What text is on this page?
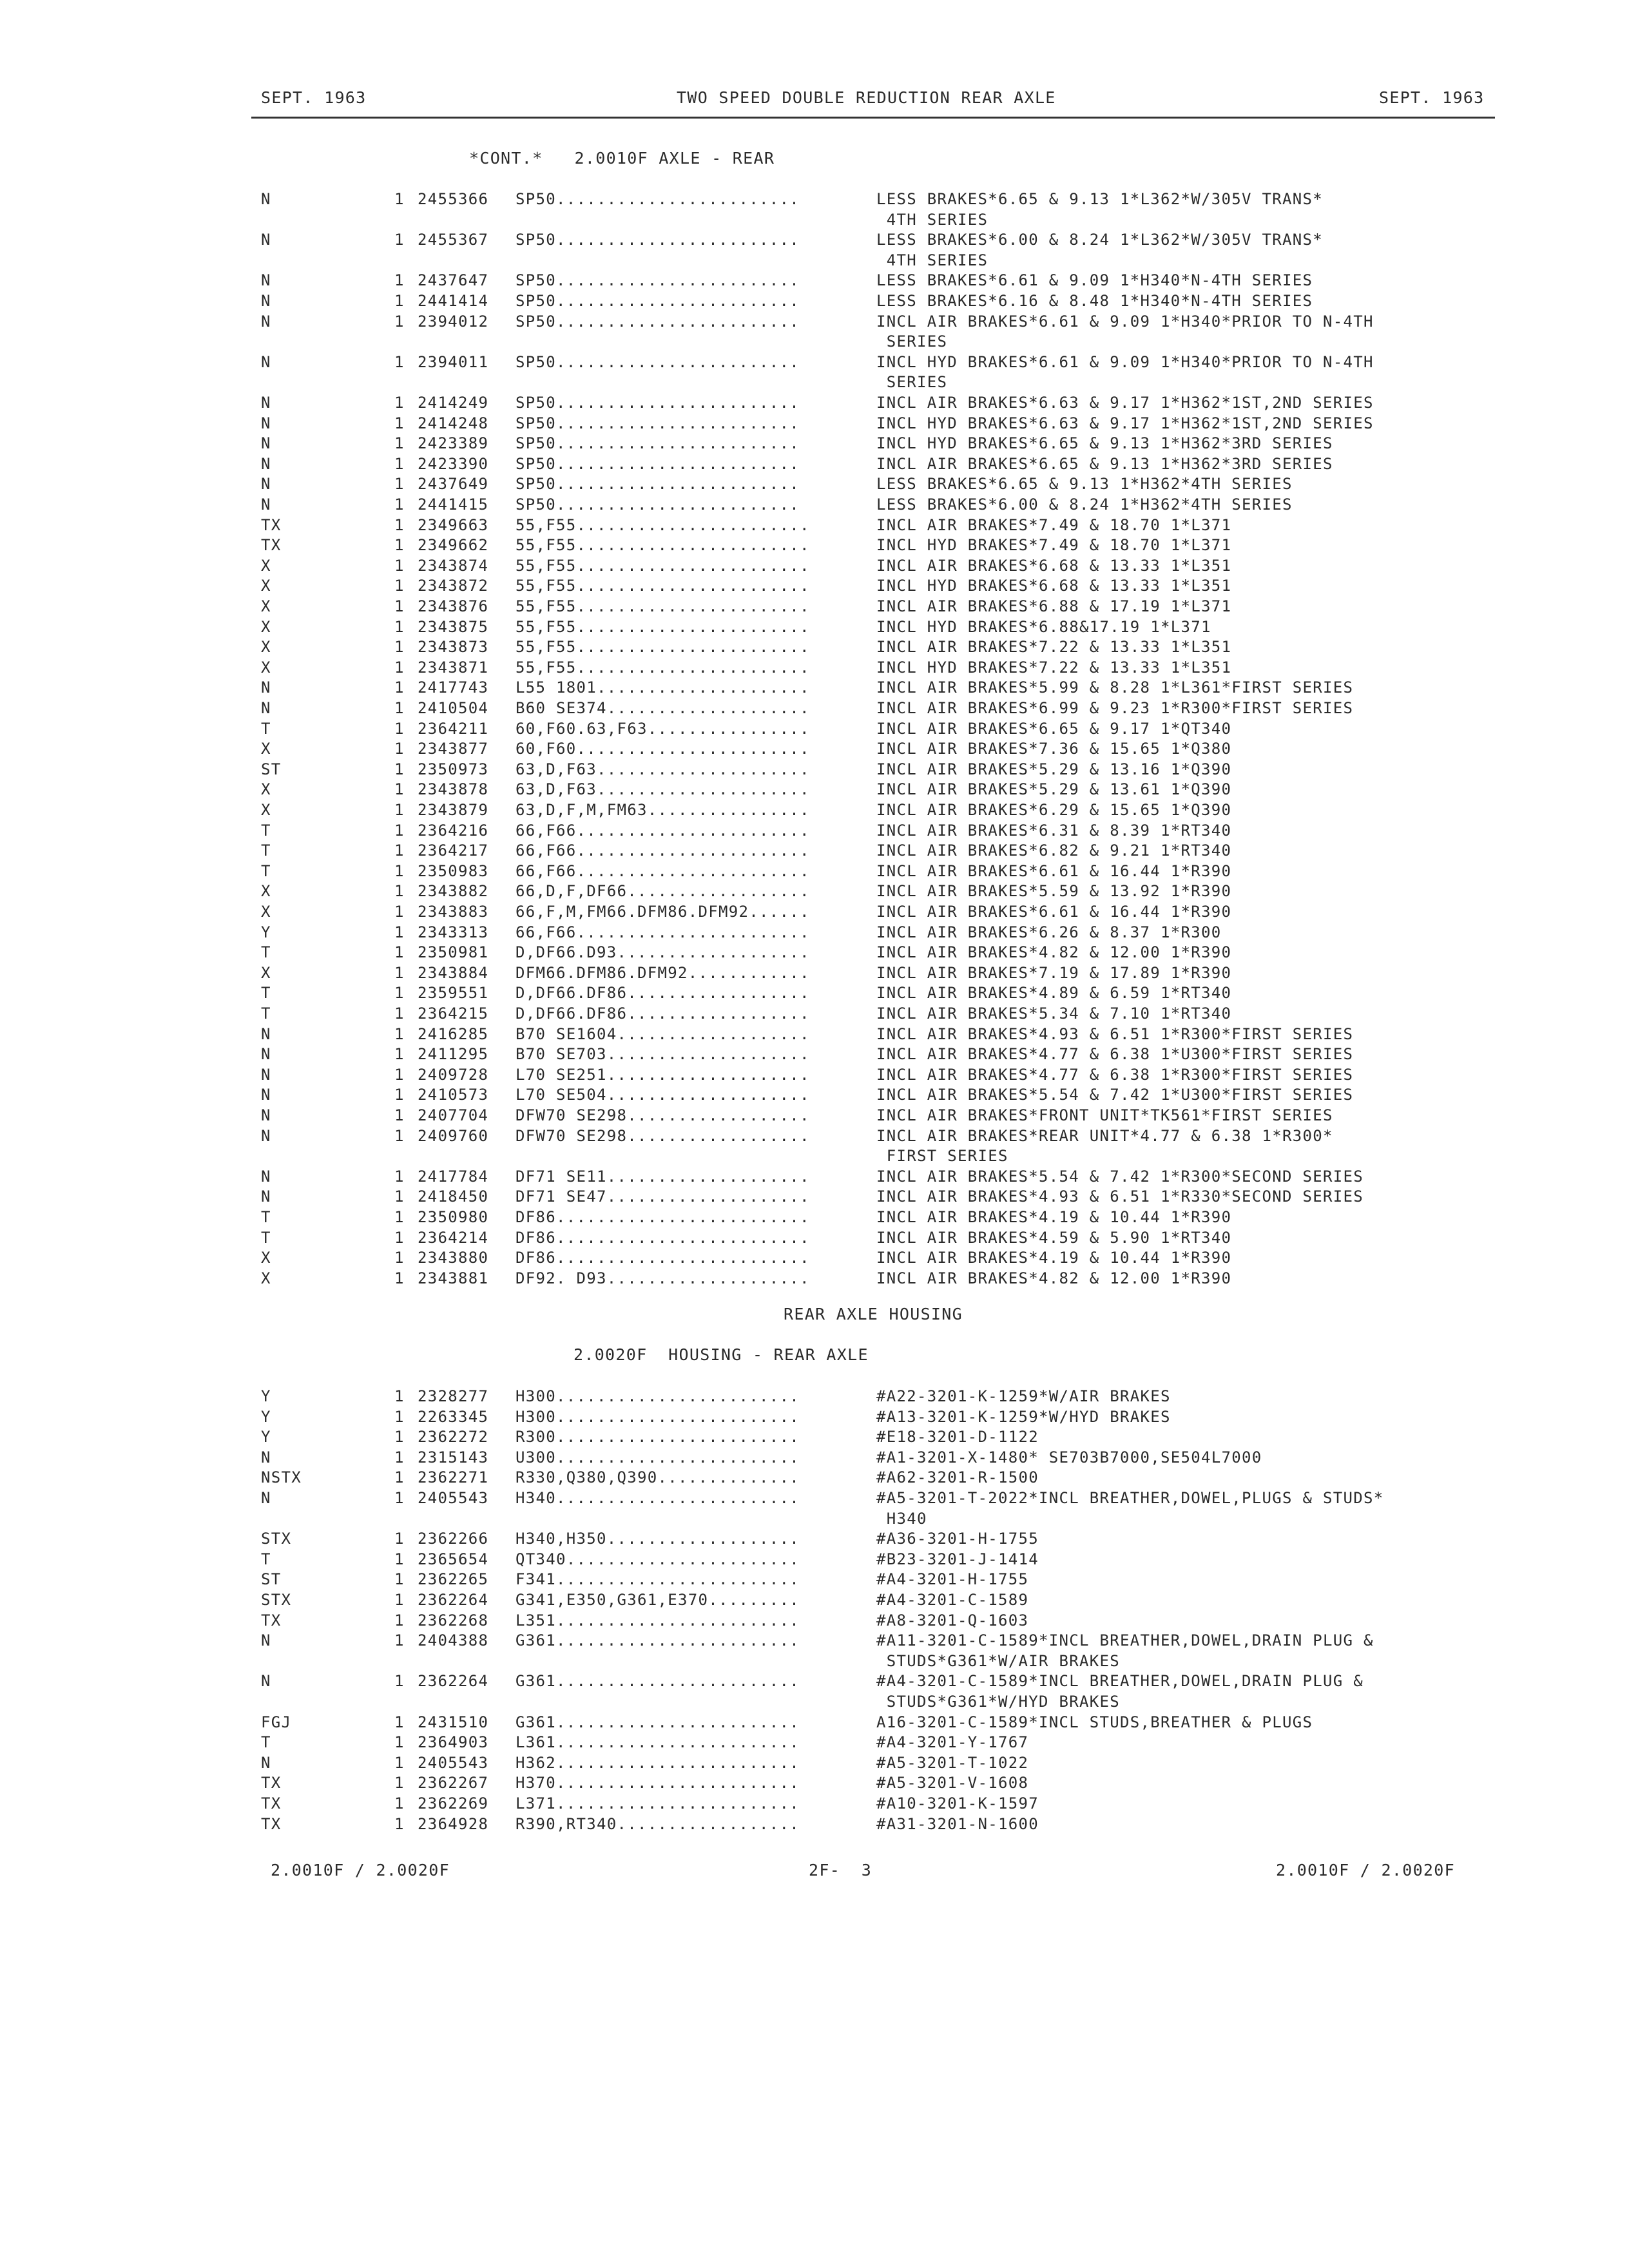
SEPT. 1963	TWO SPEED DOUBLE REDUCTION REAR AXLE	SEPT. 1963
*CONT.*   2.0010F AXLE - REAR
N	1 2455366 SP50........................	LESS BRAKES*6.65 & 9.13 1*L362*W/305V TRANS*
4TH SERIES
N	1 2455367 SP50........................	LESS BRAKES*6.00 & 8.24 1*L362*W/305V TRANS*
4TH SERIES
N	1 2437647 SP50........................	LESS BRAKES*6.61 & 9.09 1*H340*N-4TH SERIES
N	1 2441414 SP50........................	LESS BRAKES*6.16 & 8.48 1*H340*N-4TH SERIES
N	1 2394012 SP50........................	INCL AIR BRAKES*6.61 & 9.09 1*H340*PRIOR TO N-4TH
SERIES
N	1 2394011 SP50........................	INCL HYD BRAKES*6.61 & 9.09 1*H340*PRIOR TO N-4TH
SERIES
N	1 2414249 SP50........................	INCL AIR BRAKES*6.63 & 9.17 1*H362*1ST,2ND SERIES
N	1 2414248 SP50........................	INCL HYD BRAKES*6.63 & 9.17 1*H362*1ST,2ND SERIES
N	1 2423389 SP50........................	INCL HYD BRAKES*6.65 & 9.13 1*H362*3RD SERIES
N	1 2423390 SP50........................	INCL AIR BRAKES*6.65 & 9.13 1*H362*3RD SERIES
N	1 2437649 SP50........................	LESS BRAKES*6.65 & 9.13 1*H362*4TH SERIES
N	1 2441415 SP50........................	LESS BRAKES*6.00 & 8.24 1*H362*4TH SERIES
TX	1 2349663 55,F55.......................	INCL AIR BRAKES*7.49 & 18.70 1*L371
TX	1 2349662 55,F55.......................	INCL HYD BRAKES*7.49 & 18.70 1*L371
X	1 2343874 55,F55.......................	INCL AIR BRAKES*6.68 & 13.33 1*L351
X	1 2343872 55,F55.......................	INCL HYD BRAKES*6.68 & 13.33 1*L351
X	1 2343876 55,F55.......................	INCL AIR BRAKES*6.88 & 17.19 1*L371
X	1 2343875 55,F55.......................	INCL HYD BRAKES*6.88&17.19 1*L371
X	1 2343873 55,F55.......................	INCL AIR BRAKES*7.22 & 13.33 1*L351
X	1 2343871 55,F55.......................	INCL HYD BRAKES*7.22 & 13.33 1*L351
N	1 2417743 L55 1801.....................	INCL AIR BRAKES*5.99 & 8.28 1*L361*FIRST SERIES
N	1 2410504 B60 SE374....................	INCL AIR BRAKES*6.99 & 9.23 1*R300*FIRST SERIES
T	1 2364211 60,F60.63,F63................	INCL AIR BRAKES*6.65 & 9.17 1*QT340
X	1 2343877 60,F60.......................	INCL AIR BRAKES*7.36 & 15.65 1*Q380
ST	1 2350973 63,D,F63.....................	INCL AIR BRAKES*5.29 & 13.16 1*Q390
X	1 2343878 63,D,F63.....................	INCL AIR BRAKES*5.29 & 13.61 1*Q390
X	1 2343879 63,D,F,M,FM63................	INCL AIR BRAKES*6.29 & 15.65 1*Q390
T	1 2364216 66,F66.......................	INCL AIR BRAKES*6.31 & 8.39 1*RT340
T	1 2364217 66,F66.......................	INCL AIR BRAKES*6.82 & 9.21 1*RT340
T	1 2350983 66,F66.......................	INCL AIR BRAKES*6.61 & 16.44 1*R390
X	1 2343882 66,D,F,DF66..................	INCL AIR BRAKES*5.59 & 13.92 1*R390
X	1 2343883 66,F,M,FM66.DFM86.DFM92......	INCL AIR BRAKES*6.61 & 16.44 1*R390
Y	1 2343313 66,F66.......................	INCL AIR BRAKES*6.26 & 8.37 1*R300
T	1 2350981 D,DF66.D93...................	INCL AIR BRAKES*4.82 & 12.00 1*R390
X	1 2343884 DFM66.DFM86.DFM92............	INCL AIR BRAKES*7.19 & 17.89 1*R390
T	1 2359551 D,DF66.DF86..................	INCL AIR BRAKES*4.89 & 6.59 1*RT340
T	1 2364215 D,DF66.DF86..................	INCL AIR BRAKES*5.34 & 7.10 1*RT340
N	1 2416285 B70 SE1604...................	INCL AIR BRAKES*4.93 & 6.51 1*R300*FIRST SERIES
N	1 2411295 B70 SE703....................	INCL AIR BRAKES*4.77 & 6.38 1*U300*FIRST SERIES
N	1 2409728 L70 SE251....................	INCL AIR BRAKES*4.77 & 6.38 1*R300*FIRST SERIES
N	1 2410573 L70 SE504....................	INCL AIR BRAKES*5.54 & 7.42 1*U300*FIRST SERIES
N	1 2407704 DFW70 SE298..................	INCL AIR BRAKES*FRONT UNIT*TK561*FIRST SERIES
N	1 2409760 DFW70 SE298..................	INCL AIR BRAKES*REAR UNIT*4.77 & 6.38 1*R300*
FIRST SERIES
N	1 2417784 DF71 SE11....................	INCL AIR BRAKES*5.54 & 7.42 1*R300*SECOND SERIES
N	1 2418450 DF71 SE47....................	INCL AIR BRAKES*4.93 & 6.51 1*R330*SECOND SERIES
T	1 2350980 DF86.........................	INCL AIR BRAKES*4.19 & 10.44 1*R390
T	1 2364214 DF86.........................	INCL AIR BRAKES*4.59 & 5.90 1*RT340
X	1 2343880 DF86.........................	INCL AIR BRAKES*4.19 & 10.44 1*R390
X	1 2343881 DF92. D93....................	INCL AIR BRAKES*4.82 & 12.00 1*R390
REAR AXLE HOUSING
2.0020F  HOUSING - REAR AXLE
Y	1 2328277 H300........................	#A22-3201-K-1259*W/AIR BRAKES
Y	1 2263345 H300........................	#A13-3201-K-1259*W/HYD BRAKES
Y	1 2362272 R300........................	#E18-3201-D-1122
N	1 2315143 U300........................	#A1-3201-X-1480* SE703B7000,SE504L7000
NSTX	1 2362271 R330,Q380,Q390..............	#A62-3201-R-1500
N	1 2405543 H340........................	#A5-3201-T-2022*INCL BREATHER,DOWEL,PLUGS & STUDS*
H340
STX	1 2362266 H340,H350...................	#A36-3201-H-1755
T	1 2365654 QT340.......................	#B23-3201-J-1414
ST	1 2362265 F341........................	#A4-3201-H-1755
STX	1 2362264 G341,E350,G361,E370.........	#A4-3201-C-1589
TX	1 2362268 L351........................	#A8-3201-Q-1603
N	1 2404388 G361........................	#A11-3201-C-1589*INCL BREATHER,DOWEL,DRAIN PLUG &
STUDS*G361*W/AIR BRAKES
N	1 2362264 G361........................	#A4-3201-C-1589*INCL BREATHER,DOWEL,DRAIN PLUG &
STUDS*G361*W/HYD BRAKES
FGJ	1 2431510 G361........................	A16-3201-C-1589*INCL STUDS,BREATHER & PLUGS
T	1 2364903 L361........................	#A4-3201-Y-1767
N	1 2405543 H362........................	#A5-3201-T-1022
TX	1 2362267 H370........................	#A5-3201-V-1608
TX	1 2362269 L371........................	#A10-3201-K-1597
TX	1 2364928 R390,RT340..................	#A31-3201-N-1600
2.0010F / 2.0020F	2F-  3	2.0010F / 2.0020F
